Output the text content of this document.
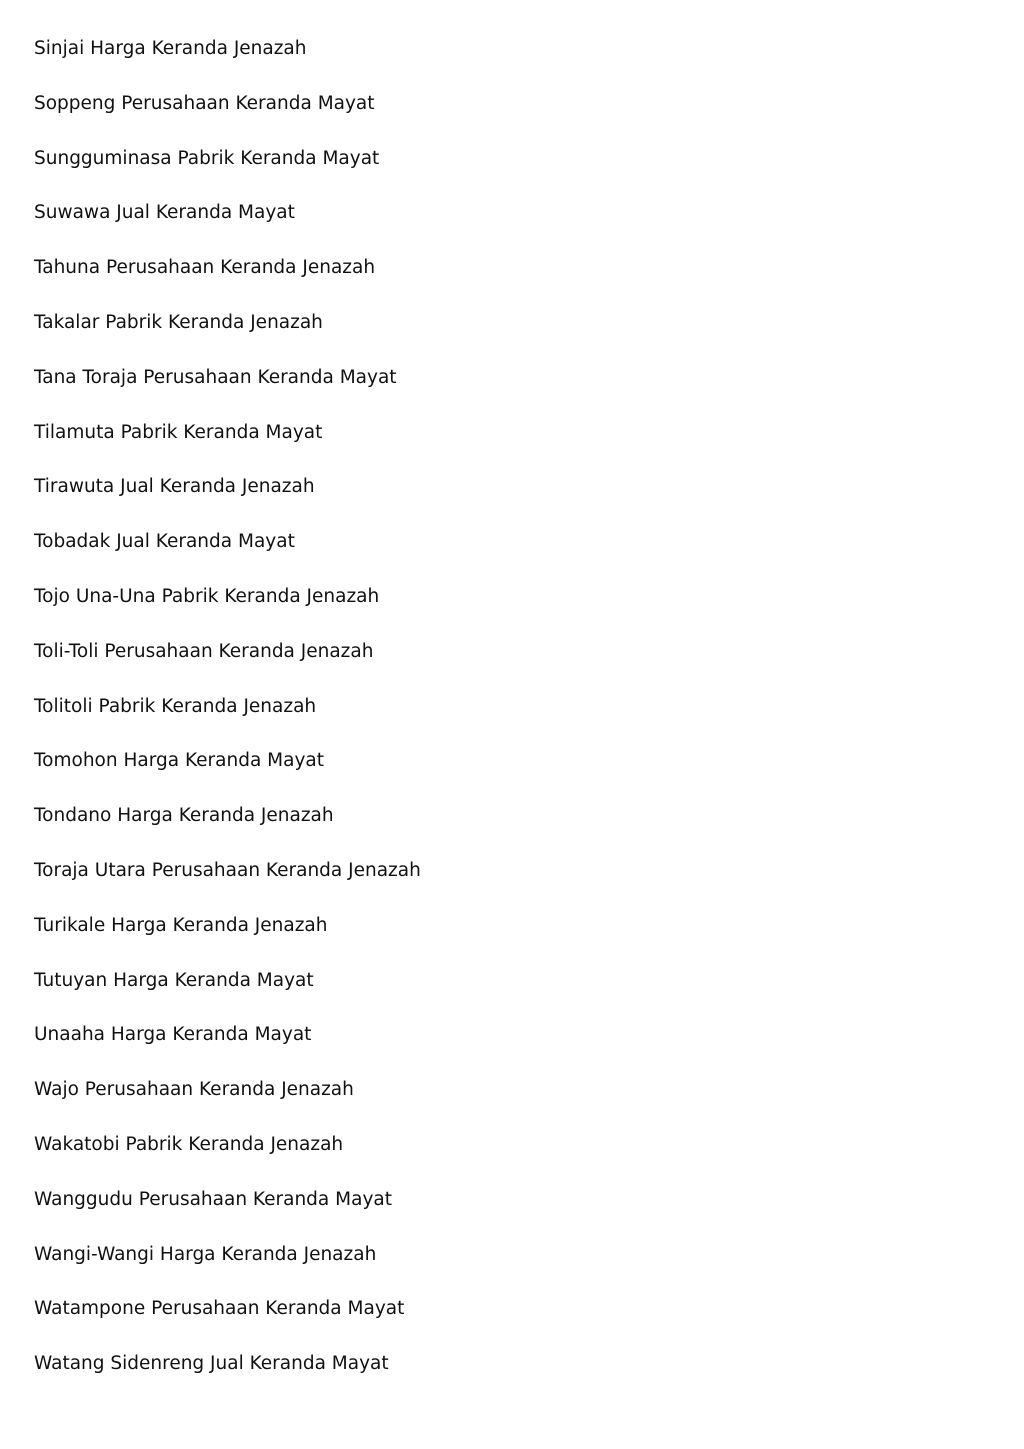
Sinjai Harga Keranda Jenazah
Soppeng Perusahaan Keranda Mayat
Sungguminasa Pabrik Keranda Mayat
Suwawa Jual Keranda Mayat
Tahuna Perusahaan Keranda Jenazah
Takalar Pabrik Keranda Jenazah
Tana Toraja Perusahaan Keranda Mayat
Tilamuta Pabrik Keranda Mayat
Tirawuta Jual Keranda Jenazah
Tobadak Jual Keranda Mayat
Tojo Una-Una Pabrik Keranda Jenazah
Toli-Toli Perusahaan Keranda Jenazah
Tolitoli Pabrik Keranda Jenazah
Tomohon Harga Keranda Mayat
Tondano Harga Keranda Jenazah
Toraja Utara Perusahaan Keranda Jenazah
Turikale Harga Keranda Jenazah
Tutuyan Harga Keranda Mayat
Unaaha Harga Keranda Mayat
Wajo Perusahaan Keranda Jenazah
Wakatobi Pabrik Keranda Jenazah
Wanggudu Perusahaan Keranda Mayat
Wangi-Wangi Harga Keranda Jenazah
Watampone Perusahaan Keranda Mayat
Watang Sidenreng Jual Keranda Mayat
